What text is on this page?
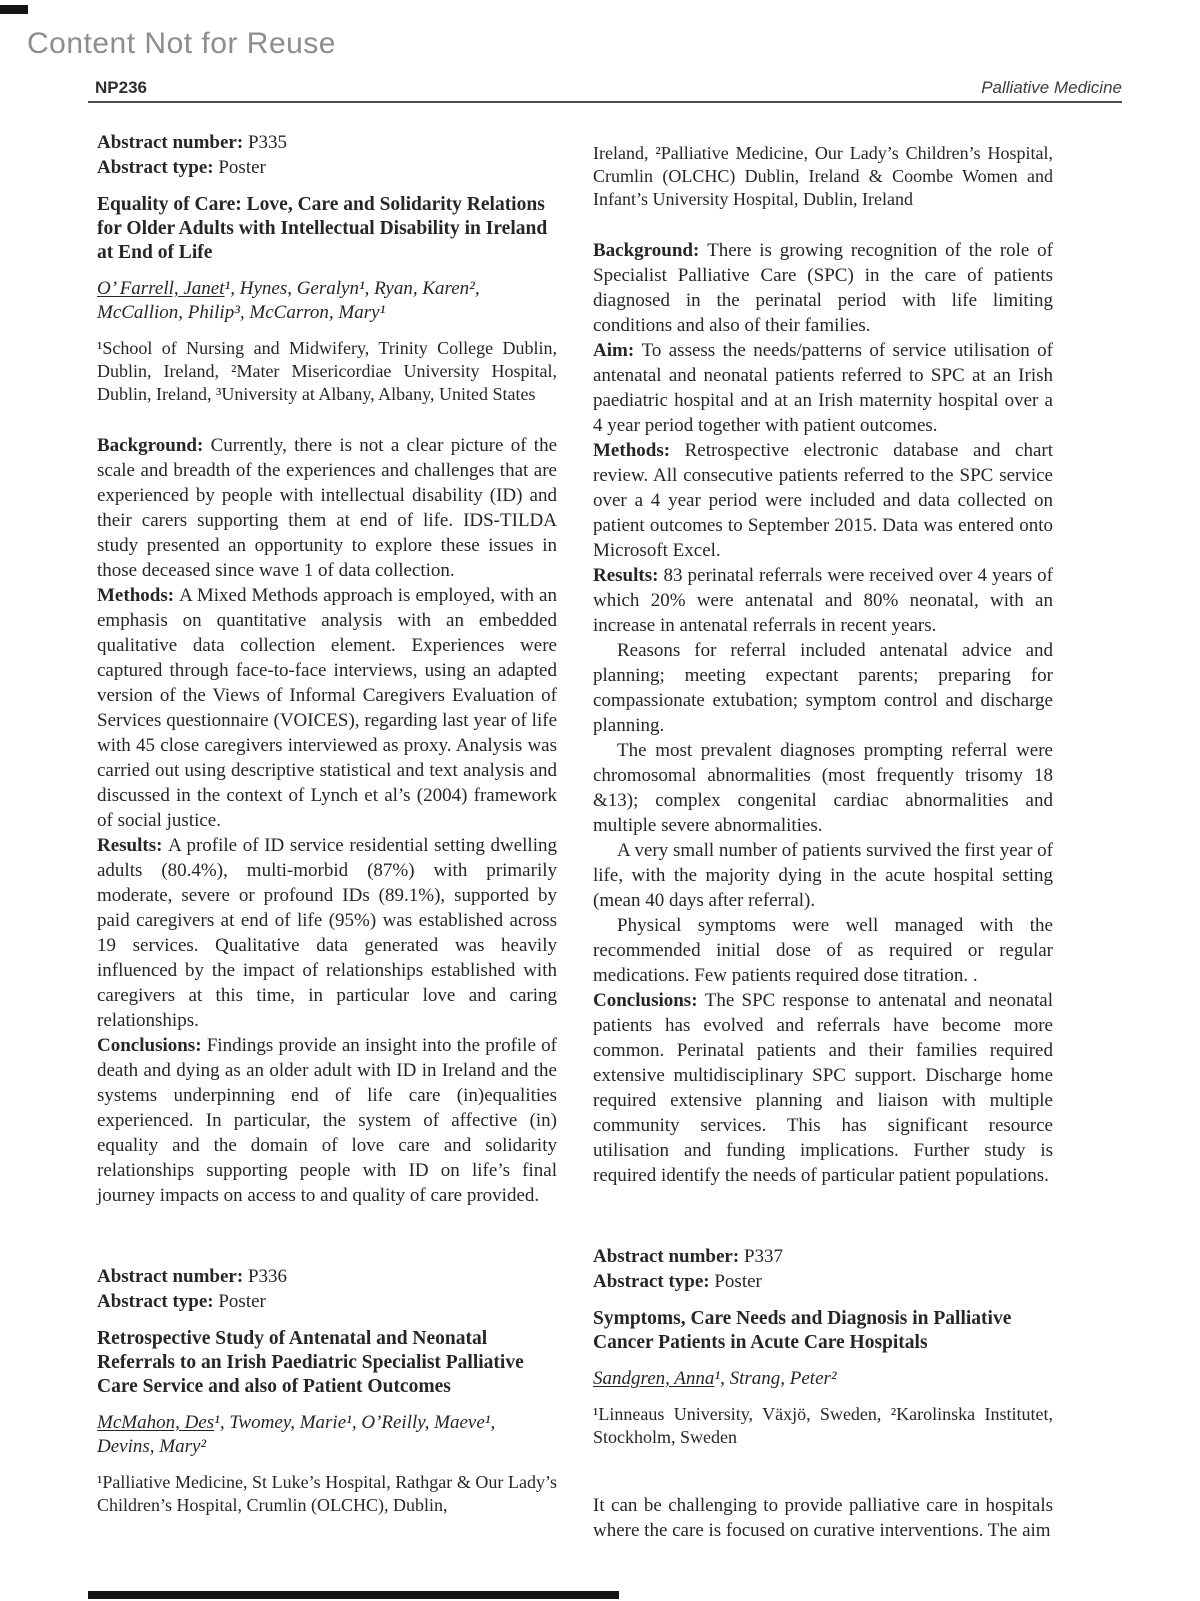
Content Not for Reuse
NP236	Palliative Medicine
Abstract number: P335
Abstract type: Poster
Equality of Care: Love, Care and Solidarity Relations for Older Adults with Intellectual Disability in Ireland at End of Life
O’ Farrell, Janet¹, Hynes, Geralyn¹, Ryan, Karen², McCallion, Philip³, McCarron, Mary¹
¹School of Nursing and Midwifery, Trinity College Dublin, Dublin, Ireland, ²Mater Misericordiae University Hospital, Dublin, Ireland, ³University at Albany, Albany, United States
Background: Currently, there is not a clear picture of the scale and breadth of the experiences and challenges that are experienced by people with intellectual disability (ID) and their carers supporting them at end of life. IDS-TILDA study presented an opportunity to explore these issues in those deceased since wave 1 of data collection.
Methods: A Mixed Methods approach is employed, with an emphasis on quantitative analysis with an embedded qualitative data collection element. Experiences were captured through face-to-face interviews, using an adapted version of the Views of Informal Caregivers Evaluation of Services questionnaire (VOICES), regarding last year of life with 45 close caregivers interviewed as proxy. Analysis was carried out using descriptive statistical and text analysis and discussed in the context of Lynch et al’s (2004) framework of social justice.
Results: A profile of ID service residential setting dwelling adults (80.4%), multi-morbid (87%) with primarily moderate, severe or profound IDs (89.1%), supported by paid caregivers at end of life (95%) was established across 19 services. Qualitative data generated was heavily influenced by the impact of relationships established with caregivers at this time, in particular love and caring relationships.
Conclusions: Findings provide an insight into the profile of death and dying as an older adult with ID in Ireland and the systems underpinning end of life care (in)equalities experienced. In particular, the system of affective (in) equality and the domain of love care and solidarity relationships supporting people with ID on life’s final journey impacts on access to and quality of care provided.
Abstract number: P336
Abstract type: Poster
Retrospective Study of Antenatal and Neonatal Referrals to an Irish Paediatric Specialist Palliative Care Service and also of Patient Outcomes
McMahon, Des¹, Twomey, Marie¹, O’Reilly, Maeve¹, Devins, Mary²
¹Palliative Medicine, St Luke’s Hospital, Rathgar & Our Lady’s Children’s Hospital, Crumlin (OLCHC), Dublin,
Ireland, ²Palliative Medicine, Our Lady’s Children’s Hospital, Crumlin (OLCHC) Dublin, Ireland & Coombe Women and Infant’s University Hospital, Dublin, Ireland
Background: There is growing recognition of the role of Specialist Palliative Care (SPC) in the care of patients diagnosed in the perinatal period with life limiting conditions and also of their families.
Aim: To assess the needs/patterns of service utilisation of antenatal and neonatal patients referred to SPC at an Irish paediatric hospital and at an Irish maternity hospital over a 4 year period together with patient outcomes.
Methods: Retrospective electronic database and chart review. All consecutive patients referred to the SPC service over a 4 year period were included and data collected on patient outcomes to September 2015. Data was entered onto Microsoft Excel.
Results: 83 perinatal referrals were received over 4 years of which 20% were antenatal and 80% neonatal, with an increase in antenatal referrals in recent years.
Reasons for referral included antenatal advice and planning; meeting expectant parents; preparing for compassionate extubation; symptom control and discharge planning.
The most prevalent diagnoses prompting referral were chromosomal abnormalities (most frequently trisomy 18 &13); complex congenital cardiac abnormalities and multiple severe abnormalities.
A very small number of patients survived the first year of life, with the majority dying in the acute hospital setting (mean 40 days after referral).
Physical symptoms were well managed with the recommended initial dose of as required or regular medications. Few patients required dose titration. .
Conclusions: The SPC response to antenatal and neonatal patients has evolved and referrals have become more common. Perinatal patients and their families required extensive multidisciplinary SPC support. Discharge home required extensive planning and liaison with multiple community services. This has significant resource utilisation and funding implications. Further study is required identify the needs of particular patient populations.
Abstract number: P337
Abstract type: Poster
Symptoms, Care Needs and Diagnosis in Palliative Cancer Patients in Acute Care Hospitals
Sandgren, Anna¹, Strang, Peter²
¹Linneaus University, Växjö, Sweden, ²Karolinska Institutet, Stockholm, Sweden
It can be challenging to provide palliative care in hospitals where the care is focused on curative interventions. The aim
